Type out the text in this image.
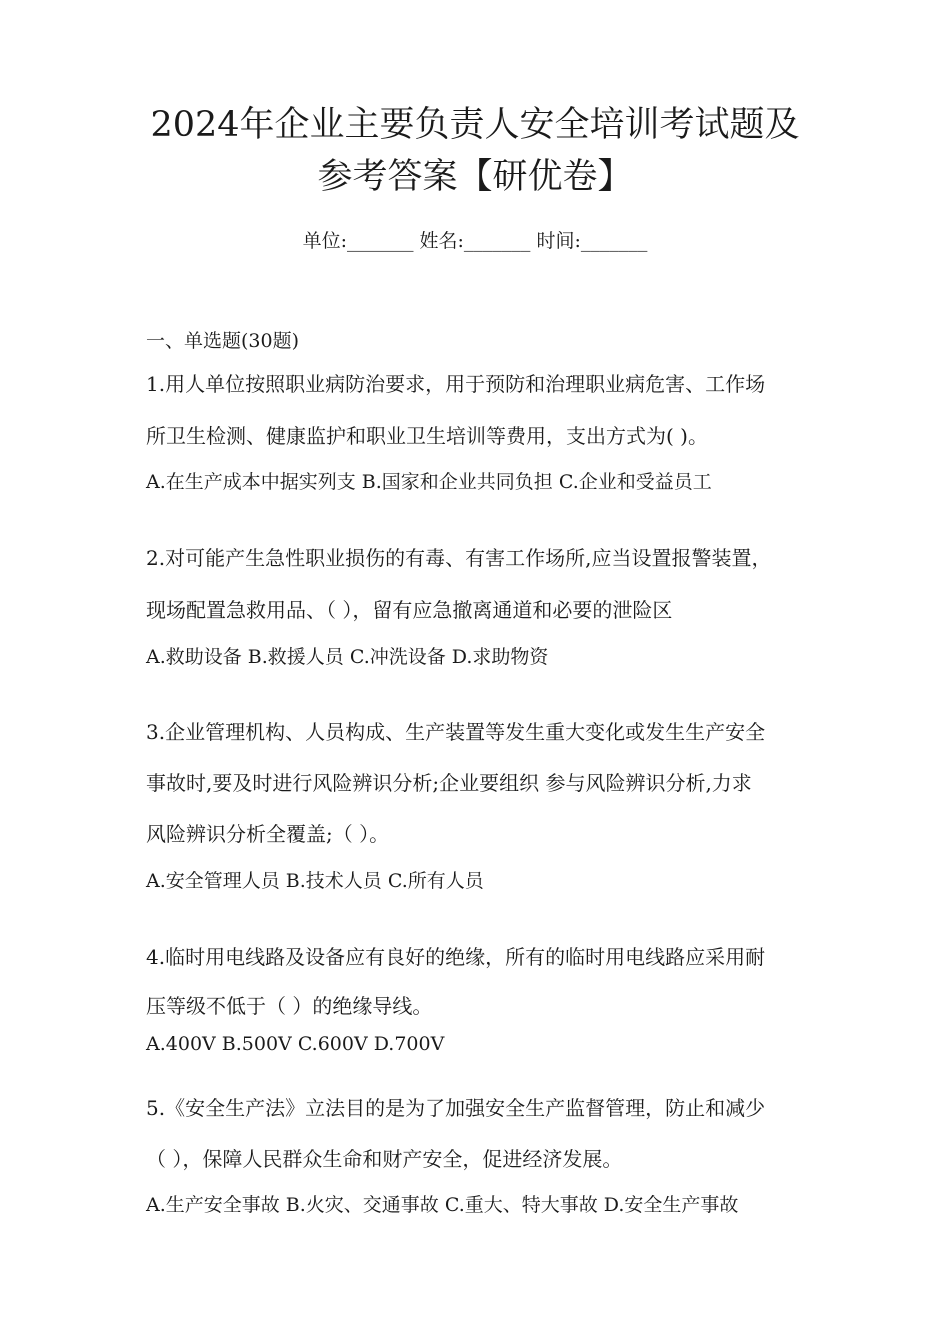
2024年企业主要负责人安全培训考试题及
参考答案【研优卷】
单位:_______ 姓名:_______ 时间:_______
一、单选题(30题)
1.用人单位按照职业病防治要求，用于预防和治理职业病危害、工作场
所卫生检测、健康监护和职业卫生培训等费用，支出方式为( )。
A.在生产成本中据实列支 B.国家和企业共同负担 C.企业和受益员工
2.对可能产生急性职业损伤的有毒、有害工作场所,应当设置报警装置，
现场配置急救用品、（ ），留有应急撤离通道和必要的泄险区
A.救助设备 B.救援人员 C.冲洗设备 D.求助物资
3.企业管理机构、人员构成、生产装置等发生重大变化或发生生产安全
事故时,要及时进行风险辨识分析;企业要组织 参与风险辨识分析,力求
风险辨识分析全覆盖;（ ）。
A.安全管理人员 B.技术人员 C.所有人员
4.临时用电线路及设备应有良好的绝缘，所有的临时用电线路应采用耐
压等级不低于（ ）的绝缘导线。
A.400V B.500V C.600V D.700V
5.《安全生产法》立法目的是为了加强安全生产监督管理，防止和减少
（ ），保障人民群众生命和财产安全，促进经济发展。
A.生产安全事故 B.火灾、交通事故 C.重大、特大事故 D.安全生产事故
